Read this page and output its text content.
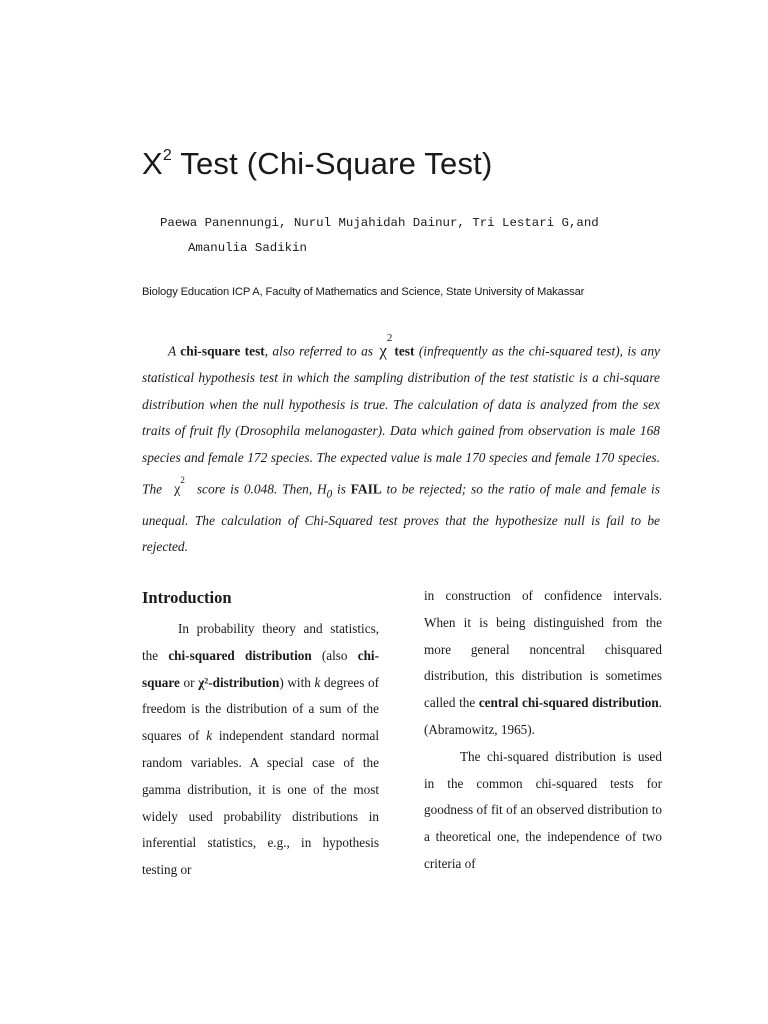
$X^2$ Test (Chi-Square Test)
Paewa Panennungi, Nurul Mujahidah Dainur, Tri Lestari G,and
Amanulia Sadikin
Biology Education ICP A, Faculty of Mathematics and Science, State University of Makassar

A chi-square test, also referred to as $\chi^2test$ (infrequently as the chi-squared test), is any statistical hypothesis test in which the sampling distribution of the test statistic is a chi-square distribution when the null hypothesis is true. The calculation of data is analyzed from the sex traits of fruit fly (Drosophila melanogaster). Data which gained from observation is male 168 species and female 172 species. The expected value is male 170 species and female 170 species. The $\chi^2score$ is 0.048. Then, $H_0$ is FAIL to be rejected; so the ratio of male and female is unequal. The calculation of Chi-Squared test proves that the hypothesize null is fail to be rejected.

Introduction

In probability theory and statistics, the chi-squared distribution (also chi-square or χ²-distribution) with k degrees of freedom is the distribution of a sum of the squares of k independent standard normal random variables. A special case of the gamma distribution, it is one of the most widely used probability distributions in inferential statistics, e.g., in hypothesis testing or

in construction of confidence intervals. When it is being distinguished from the more general noncentral chisquared distribution, this distribution is sometimes called the central chi-squared distribution. (Abramowitz, 1965).

The chi-squared distribution is used in the common chi-squared tests for goodness of fit of an observed distribution to a theoretical one, the independence of two criteria of
